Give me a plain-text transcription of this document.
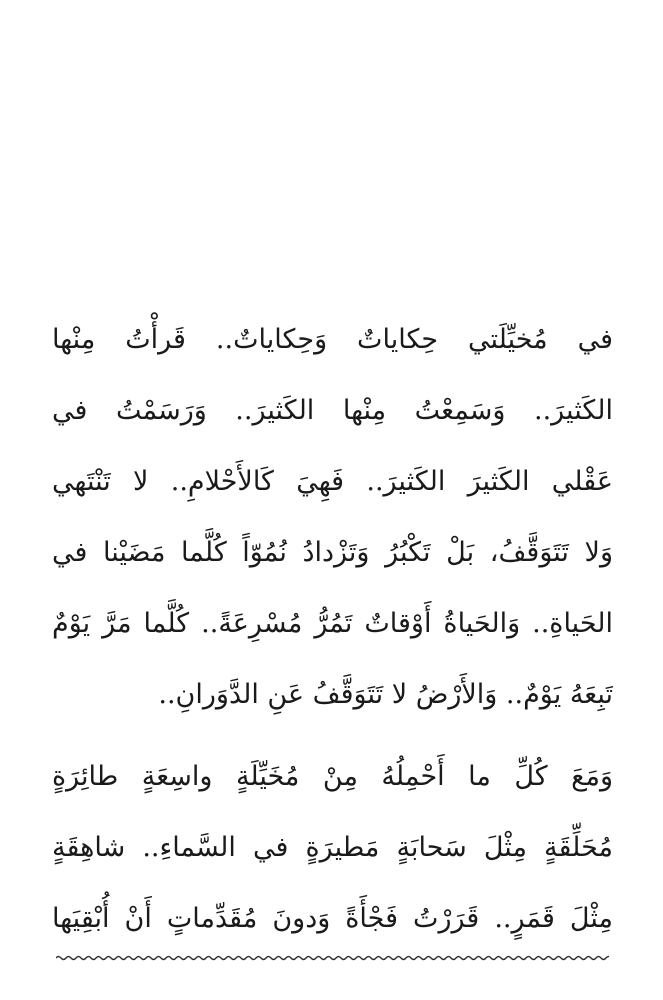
في مُخيِّلَتي حِكاياتٌ وَحِكاياتٌ.. قَرأْتُ مِنْها
الكَثيرَ.. وَسَمِعْتُ مِنْها الكَثيرَ.. وَرَسَمْتُ في
عَقْلي الكَثيرَ الكَثيرَ.. فَهِيَ كَالأَحْلامِ.. لا تَنْتَهي
وَلا تَتَوَقَّفُ، بَلْ تَكْبُرُ وَتَزْدادُ نُمُوّاً كُلَّما مَضَيْنا في
الحَياةِ.. وَالحَياةُ أَوْقاتٌ تَمُرُّ مُسْرِعَةً.. كُلَّما مَرَّ يَوْمٌ
تَبِعَهُ يَوْمٌ.. وَالأَرْضُ لا تَتَوَقَّفُ عَنِ الدَّوَرانِ..
وَمَعَ كُلِّ ما أَحْمِلُهُ مِنْ مُخَيِّلَةٍ واسِعَةٍ طائِرَةٍ
مُحَلِّقَةٍ مِثْلَ سَحابَةٍ مَطيرَةٍ في السَّماءِ.. شاهِقَةٍ
مِثْلَ قَمَرٍ.. قَرَرْتُ فَجْأَةً وَدونَ مُقَدِّماتٍ أَنْ أُبْقِيَها
